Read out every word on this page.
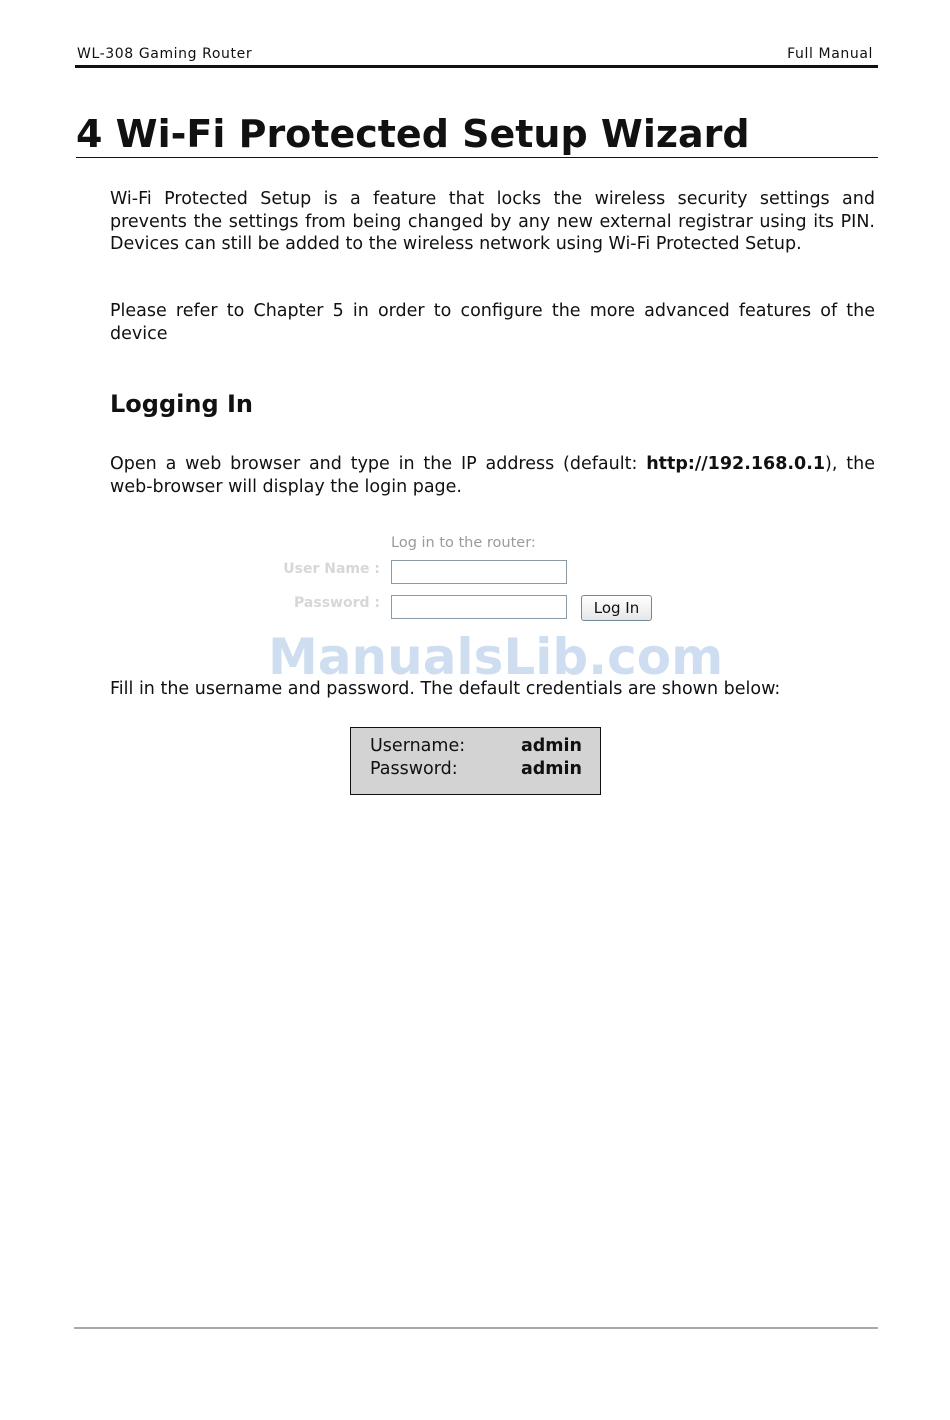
WL-308 Gaming Router	Full Manual
4 Wi-Fi Protected Setup Wizard

Wi-Fi Protected Setup is a feature that locks the wireless security settings and prevents the settings from being changed by any new external registrar using its PIN. Devices can still be added to the wireless network using Wi-Fi Protected Setup.

Please refer to Chapter 5 in order to configure the more advanced features of the device

Logging In

Open a web browser and type in the IP address (default: http://192.168.0.1), the web-browser will display the login page.

Log in to the router:
User Name :
Password :	Log In
ManualsLib.com

Fill in the username and password. The default credentials are shown below:

Username:	admin
Password:	admin
